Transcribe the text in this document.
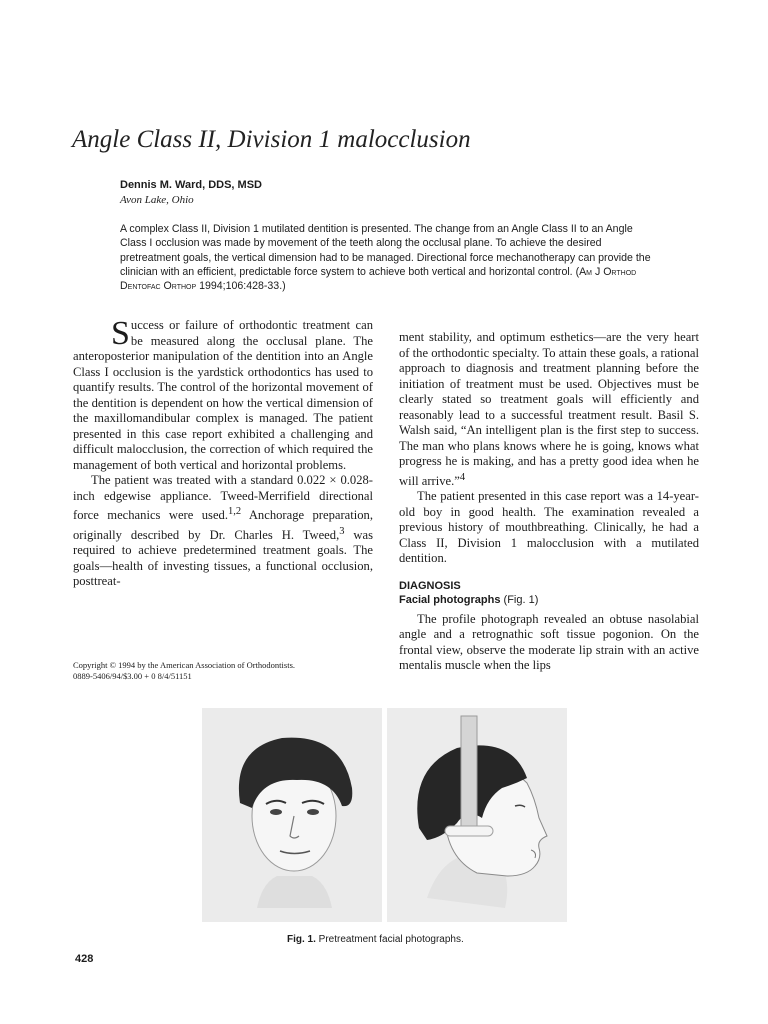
Angle Class II, Division 1 malocclusion
Dennis M. Ward, DDS, MSD
Avon Lake, Ohio
A complex Class II, Division 1 mutilated dentition is presented. The change from an Angle Class II to an Angle Class I occlusion was made by movement of the teeth along the occlusal plane. To achieve the desired pretreatment goals, the vertical dimension had to be managed. Directional force mechanotherapy can provide the clinician with an efficient, predictable force system to achieve both vertical and horizontal control. (Am J Orthod Dentofac Orthop 1994;106:428-33.)

Success or failure of orthodontic treatment can be measured along the occlusal plane. The anteroposterior manipulation of the dentition into an Angle Class I occlusion is the yardstick orthodontics has used to quantify results. The control of the horizontal movement of the dentition is dependent on how the vertical dimension of the maxillomandibular complex is managed. The patient presented in this case report exhibited a challenging and difficult malocclusion, the correction of which required the management of both vertical and horizontal problems.

The patient was treated with a standard 0.022 × 0.028-inch edgewise appliance. Tweed-Merrifield directional force mechanics were used.$^{1,2}$ Anchorage preparation, originally described by Dr. Charles H. Tweed,$^3$ was required to achieve predetermined treatment goals. The goals—health of investing tissues, a functional occlusion, posttreat-

Copyright © 1994 by the American Association of Orthodontists.
0889-5406/94/$3.00 + 0 8/4/51151

ment stability, and optimum esthetics—are the very heart of the orthodontic specialty. To attain these goals, a rational approach to diagnosis and treatment planning before the initiation of treatment must be used. Objectives must be clearly stated so treatment goals will efficiently and reasonably lead to a successful treatment result. Basil S. Walsh said, “An intelligent plan is the first step to success. The man who plans knows where he is going, knows what progress he is making, and has a pretty good idea when he will arrive.”$^4$

The patient presented in this case report was a 14-year-old boy in good health. The examination revealed a previous history of mouthbreathing. Clinically, he had a Class II, Division 1 malocclusion with a mutilated dentition.

DIAGNOSIS
Facial photographs (Fig. 1)

The profile photograph revealed an obtuse nasolabial angle and a retrognathic soft tissue pogonion. On the frontal view, observe the moderate lip strain with an active mentalis muscle when the lips

Fig. 1. Pretreatment facial photographs.
428
